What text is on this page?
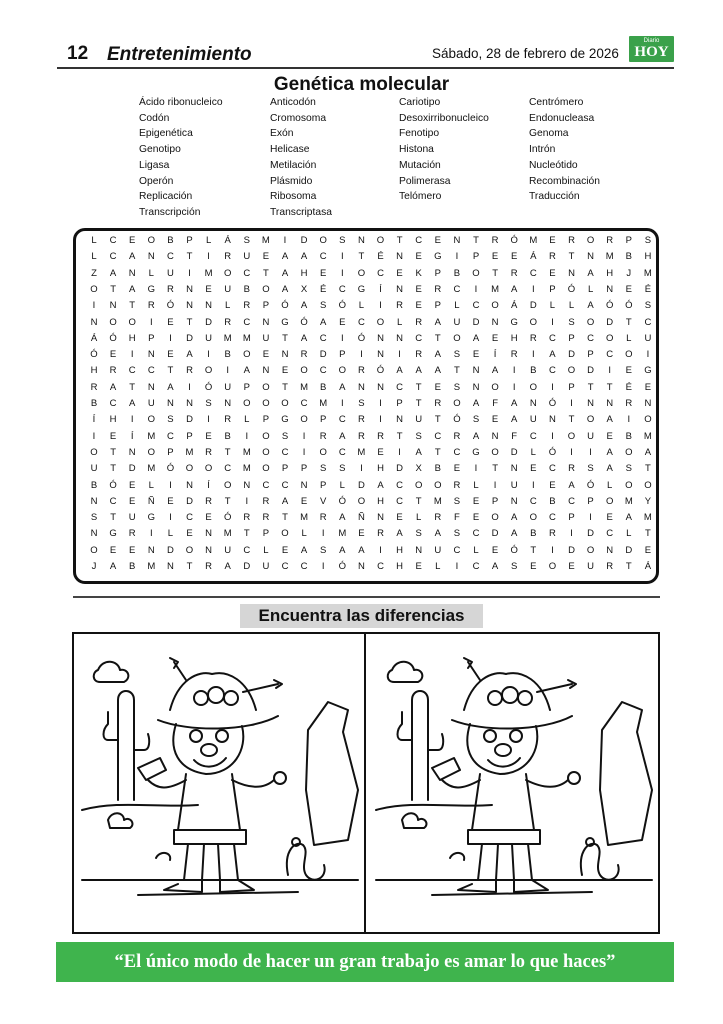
12 Entretenimiento	Sábado, 28 de febrero de 2026
Diario
HOY
Genética molecular
Ácido ribonucleico	Anticodón	Cariotipo	Centrómero
Codón	Cromosoma	Desoxirribonucleico	Endonucleasa
Epigenética	Exón	Fenotipo	Genoma
Genotipo	Helicase	Histona	Intrón
Ligasa	Metilación	Mutación	Nucleótido
Operón	Plásmido	Polimerasa	Recombinación
Replicación	Ribosoma	Telómero	Traducción
Transcripción	Transcriptasa
L	C	E	O	B	P	L	Á	S	M	I	D	O	S	N	O	T	C	E	N	T	R	Ó	M	E	R	O	R	P	S
L	C	A	N	C	T	I	R	U	E	A	A	C	I	T	É	N	E	G	I	P	E	E	Á	R	T	N	M	B	H
Z	A	N	L	U	I	M	O	C	T	A	H	E	I	O	C	E	K	P	B	O	T	R	C	E	N	A	H	J	M
O	T	A	G	R	N	E	U	B	O	A	X	É	C	G	Í	N	E	R	C	I	M	A	I	P	Ó	L	N	E	É
I	N	T	R	Ó	N	N	L	R	P	Ó	A	S	Ó	L	I	R	E	P	L	C	O	Á	D	L	L	A	Ó	Ó	S
N	O	O	I	E	T	D	R	C	N	G	Ó	A	E	C	O	L	R	A	U	D	N	G	O	I	S	O	D	T	C
Á	Ó	H	P	I	D	U	M	M	U	T	A	C	I	Ó	N	N	C	T	O	A	E	H	R	C	P	C	O	L	U
Ó	E	I	N	E	A	I	B	O	E	N	R	D	P	I	N	I	R	A	S	E	Í	R	I	A	D	P	C	O	I
H	R	C	C	T	R	O	I	A	N	E	O	C	O	R	Ó	A	A	A	T	N	A	I	B	C	O	D	I	E	G
R	A	T	N	A	I	Ó	U	P	O	T	M	B	A	N	N	C	T	E	S	N	O	I	O	I	P	T	T	É	E
B	C	A	U	N	N	S	N	O	O	O	C	M	I	S	I	P	T	R	O	A	F	A	N	Ó	I	N	N	R	N
Í	H	I	O	S	D	I	R	L	P	G	O	P	C	R	I	N	U	T	Ó	S	E	A	U	N	T	O	A	I	O
I	E	Í	M	C	P	E	B	I	O	S	I	R	A	R	R	T	S	C	R	A	N	F	C	I	O	U	E	B	M
O	T	N	O	P	M	R	T	M	O	C	I	O	C	M	E	I	A	T	C	G	O	D	L	Ó	I	I	A	O	A
U	T	D	M	Ó	O	O	C	M	O	P	P	S	S	I	H	D	X	B	E	I	T	N	E	C	R	S	A	S	T
B	Ó	E	L	I	N	Í	O	N	C	C	N	P	L	D	A	C	O	O	R	L	I	U	I	E	A	Ó	L	O	O
N	C	E	Ñ	E	D	R	T	I	R	A	E	V	Ó	O	H	C	T	M	S	E	P	N	C	B	C	P	O	M	Y
S	T	U	G	I	C	E	Ó	R	R	T	M	R	A	Ñ	N	E	L	R	F	E	O	A	O	C	P	I	E	A	M
N	G	R	I	L	E	N	M	T	P	O	L	I	M	E	R	A	S	A	S	C	D	A	B	R	I	D	C	L	T
O	E	E	N	D	O	N	U	C	L	E	A	S	A	A	I	H	N	U	C	L	E	Ó	T	I	D	O	N	D	E
J	A	B	M	N	T	R	A	D	U	C	C	I	Ó	N	C	H	E	L	I	C	A	S	E	O	E	U	R	T	Á
Encuentra las diferencias
“El único modo de hacer un gran trabajo es amar lo que haces”
